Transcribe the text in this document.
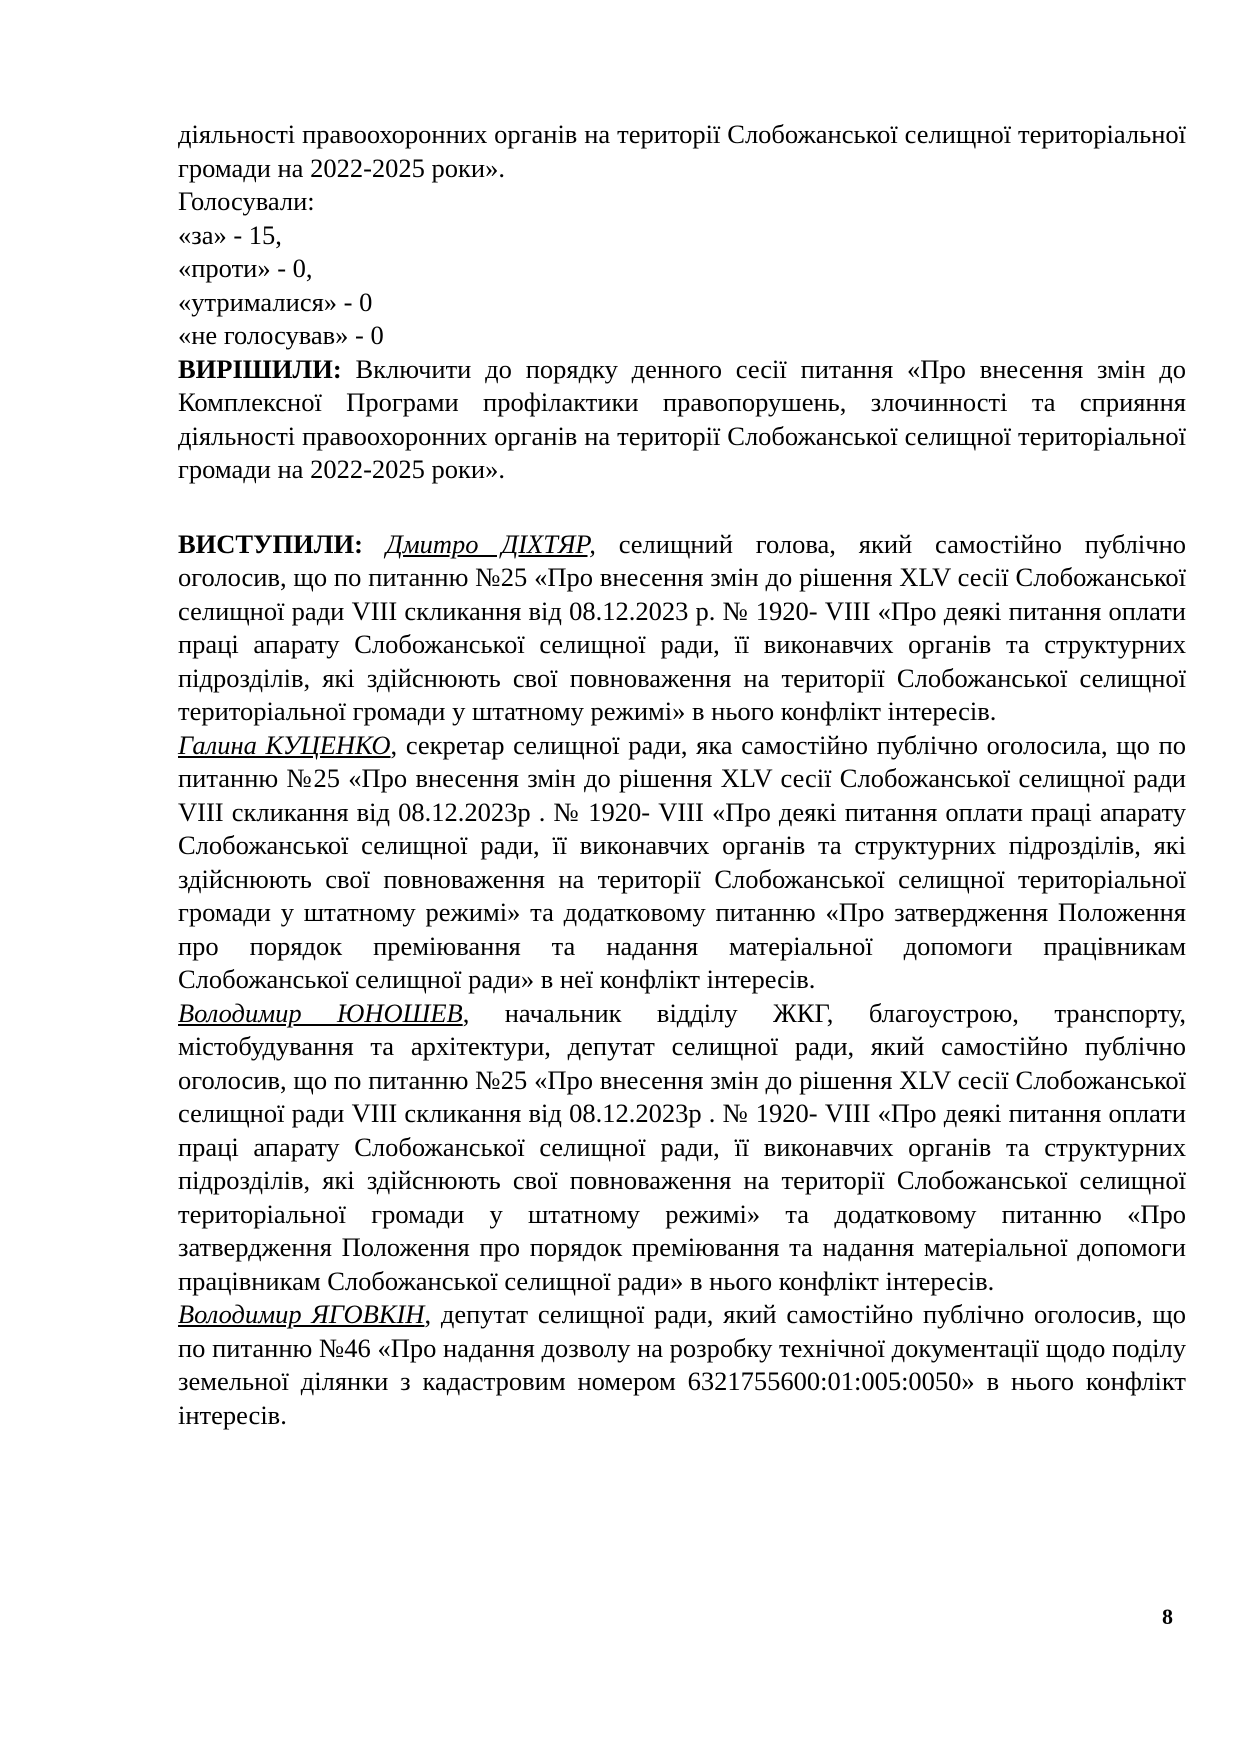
діяльності правоохоронних органів на території Слобожанської селищної територіальної громади на 2022-2025 роки».

Голосували:

«за» - 15,

«проти» - 0,

«утрималися» - 0

«не голосував» - 0

ВИРІШИЛИ: Включити до порядку денного сесії питання «Про внесення змін до Комплексної Програми профілактики правопорушень, злочинності та сприяння діяльності правоохоронних органів на території Слобожанської селищної територіальної громади на 2022-2025 роки».

ВИСТУПИЛИ: Дмитро ДІХТЯР, селищний голова, який самостійно публічно оголосив, що по питанню №25 «Про внесення змін до рішення XLV сесії Слобожанської селищної ради VIII скликання від 08.12.2023 р. № 1920- VIII «Про деякі питання оплати праці апарату Слобожанської селищної ради, її виконавчих органів та структурних підрозділів, які здійснюють свої повноваження на території Слобожанської селищної територіальної громади у штатному режимі» в нього конфлікт інтересів.

Галина КУЦЕНКО, секретар селищної ради, яка самостійно публічно оголосила, що по питанню №25 «Про внесення змін до рішення XLV сесії Слобожанської селищної ради VIII скликання від 08.12.2023р . № 1920- VIII «Про деякі питання оплати праці апарату Слобожанської селищної ради, її виконавчих органів та структурних підрозділів, які здійснюють свої повноваження на території Слобожанської селищної територіальної громади у штатному режимі» та додатковому питанню «Про затвердження Положення про порядок преміювання та надання матеріальної допомоги працівникам Слобожанської селищної ради» в неї конфлікт інтересів.

Володимир ЮНОШЕВ, начальник відділу ЖКГ, благоустрою, транспорту, містобудування та архітектури, депутат селищної ради, який самостійно публічно оголосив, що по питанню №25 «Про внесення змін до рішення XLV сесії Слобожанської селищної ради VIII скликання від 08.12.2023р . № 1920- VIII «Про деякі питання оплати праці апарату Слобожанської селищної ради, її виконавчих органів та структурних підрозділів, які здійснюють свої повноваження на території Слобожанської селищної територіальної громади у штатному режимі» та додатковому питанню «Про затвердження Положення про порядок преміювання та надання матеріальної допомоги працівникам Слобожанської селищної ради» в нього конфлікт інтересів.

Володимир ЯГОВКІН, депутат селищної ради, який самостійно публічно оголосив, що по питанню №46 «Про надання дозволу на розробку технічної документації щодо поділу земельної ділянки з кадастровим номером 6321755600:01:005:0050» в нього конфлікт інтересів.

8
